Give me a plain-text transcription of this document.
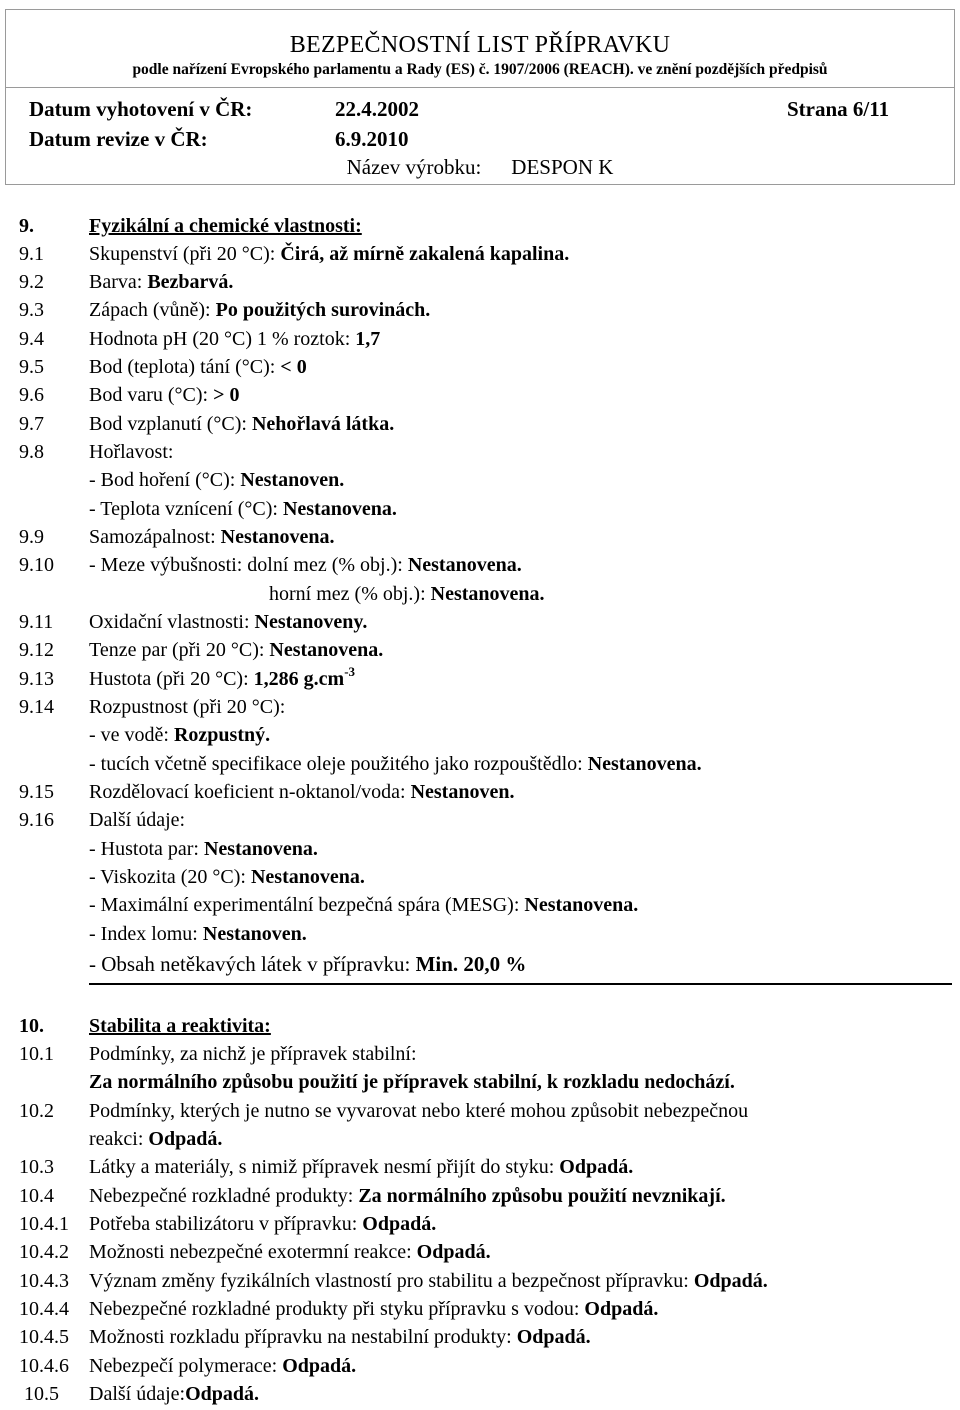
BEZPEČNOSTNÍ LIST PŘÍPRAVKU
podle nařízení Evropského parlamentu a Rady (ES) č. 1907/2006 (REACH). ve znění pozdějších předpisů
Datum vyhotovení v ČR:	22.4.2002
Datum revize v ČR:	6.9.2010
Strana 6/11
Název výrobku: DESPON K
9.	Fyzikální a chemické vlastnosti:
9.1 Skupenství (při 20 °C): Čirá, až mírně zakalená kapalina.
9.2 Barva: Bezbarvá.
9.3 Zápach (vůně): Po použitých surovinách.
9.4 Hodnota pH (20 °C) 1 % roztok: 1,7
9.5 Bod (teplota) tání (°C): < 0
9.6 Bod varu (°C): > 0
9.7 Bod vzplanutí (°C): Nehořlavá látka.
9.8 Hořlavost:
- Bod hoření (°C): Nestanoven.
- Teplota vznícení (°C): Nestanovena.
9.9 Samozápalnost: Nestanovena.
9.10 - Meze výbušnosti: dolní mez (% obj.): Nestanovena.
horní mez (% obj.): Nestanovena.
9.11 Oxidační vlastnosti: Nestanoveny.
9.12 Tenze par (při 20 °C): Nestanovena.
9.13 Hustota (při 20 °C): 1,286 $g.cm^{-3}$
9.14 Rozpustnost (při 20 °C):
- ve vodě: Rozpustný.
- tucích včetně specifikace oleje použitého jako rozpouštědlo: Nestanovena.
9.15 Rozdělovací koeficient n-oktanol/voda: Nestanoven.
9.16 Další údaje:
- Hustota par: Nestanovena.
- Viskozita (20 °C): Nestanovena.
- Maximální experimentální bezpečná spára (MESG): Nestanovena.
- Index lomu: Nestanoven.
- Obsah netěkavých látek v přípravku: Min. 20,0 %
10. Stabilita a reaktivita:
10.1 Podmínky, za nichž je přípravek stabilní:
Za normálního způsobu použití je přípravek stabilní, k rozkladu nedochází.
10.2 Podmínky, kterých je nutno se vyvarovat nebo které mohou způsobit nebezpečnou
reakci: Odpadá.
10.3 Látky a materiály, s nimiž přípravek nesmí přijít do styku: Odpadá.
10.4 Nebezpečné rozkladné produkty: Za normálního způsobu použití nevznikají.
10.4.1 Potřeba stabilizátoru v přípravku: Odpadá.
10.4.2 Možnosti nebezpečné exotermní reakce: Odpadá.
10.4.3 Význam změny fyzikálních vlastností pro stabilitu a bezpečnost přípravku: Odpadá.
10.4.4 Nebezpečné rozkladné produkty při styku přípravku s vodou: Odpadá.
10.4.5 Možnosti rozkladu přípravku na nestabilní produkty: Odpadá.
10.4.6 Nebezpečí polymerace: Odpadá.
10.5 Další údaje:Odpadá.
